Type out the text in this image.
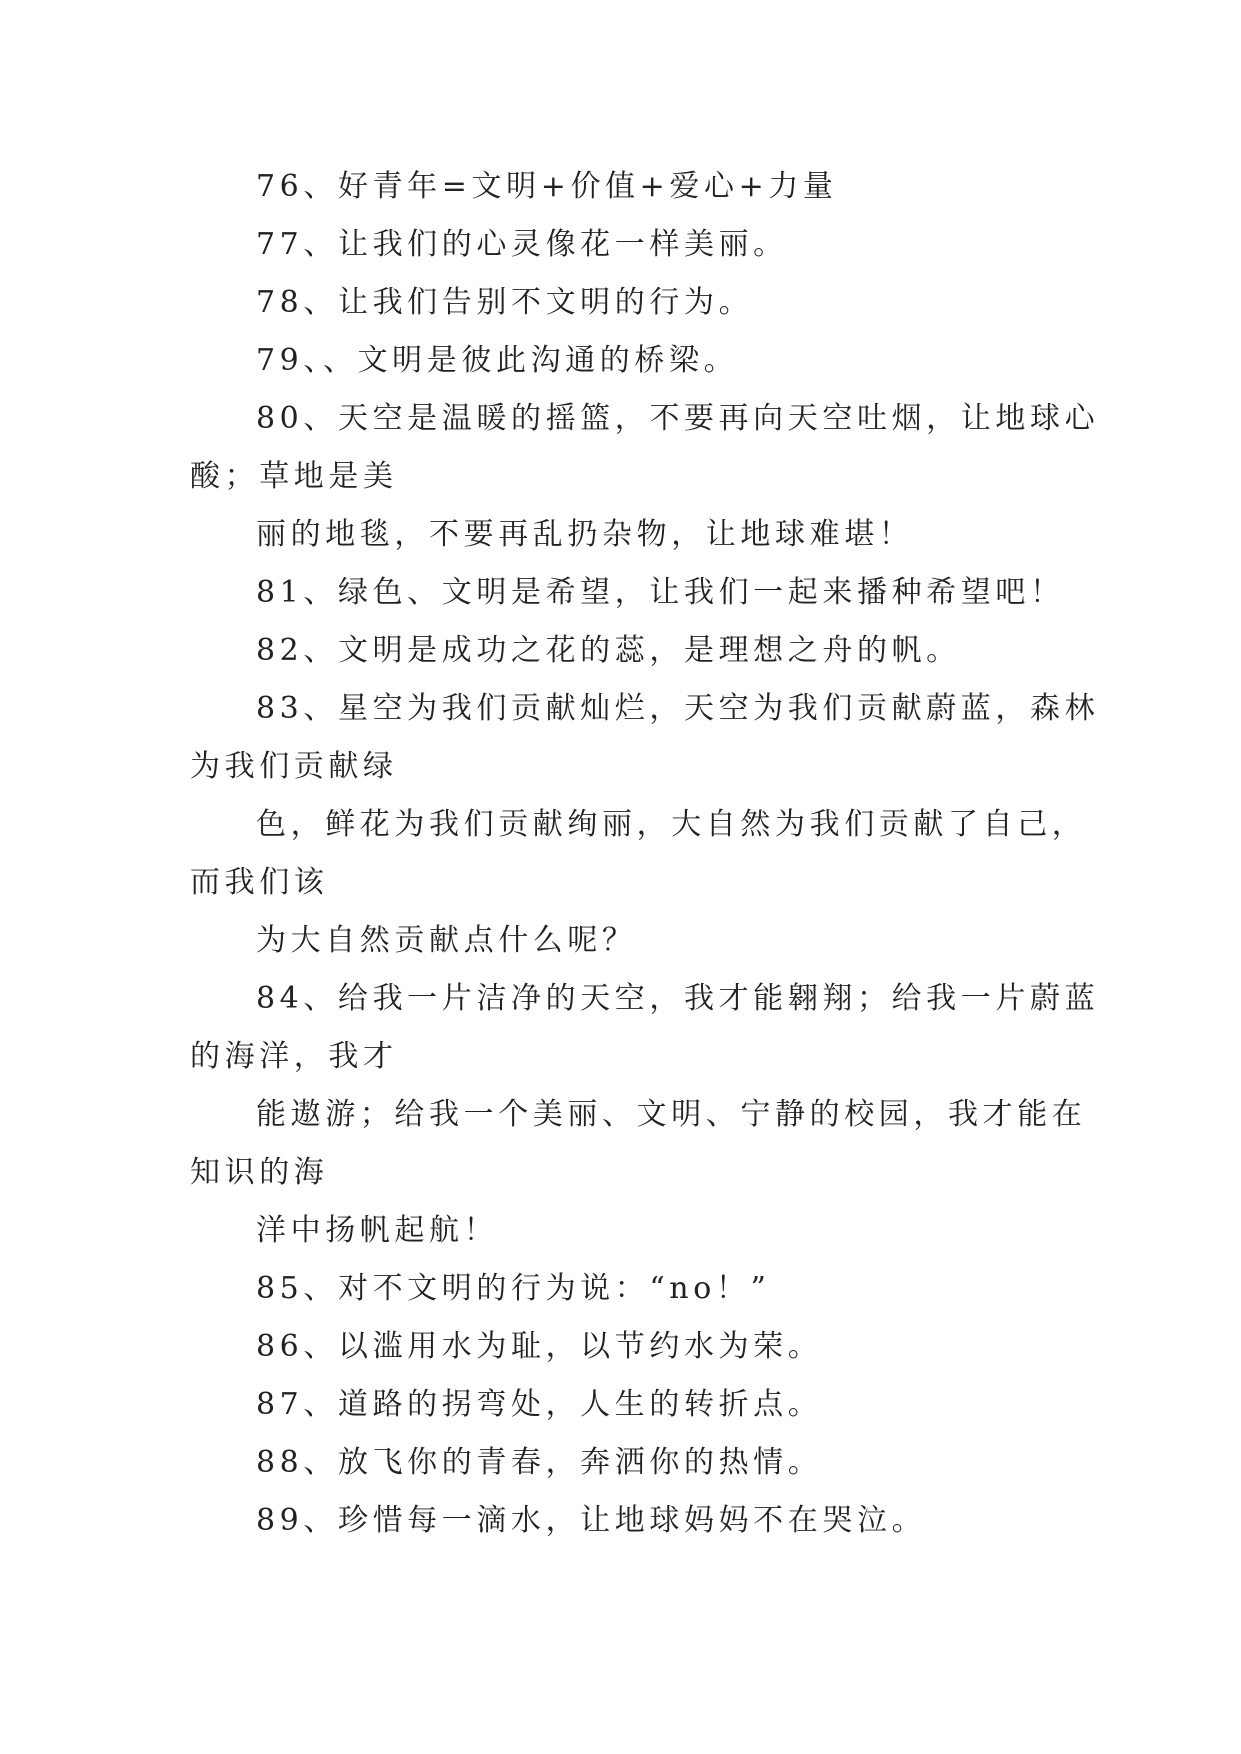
76、好青年=文明+价值+爱心+力量
77、让我们的心灵像花一样美丽。
78、让我们告别不文明的行为。
79、、文明是彼此沟通的桥梁。
80、天空是温暖的摇篮，不要再向天空吐烟，让地球心
酸；草地是美
丽的地毯，不要再乱扔杂物，让地球难堪！
81、绿色、文明是希望，让我们一起来播种希望吧！
82、文明是成功之花的蕊，是理想之舟的帆。
83、星空为我们贡献灿烂，天空为我们贡献蔚蓝，森林
为我们贡献绿
色，鲜花为我们贡献绚丽，大自然为我们贡献了自己，
而我们该
为大自然贡献点什么呢？
84、给我一片洁净的天空，我才能翱翔；给我一片蔚蓝
的海洋，我才
能遨游；给我一个美丽、文明、宁静的校园，我才能在
知识的海
洋中扬帆起航！
85、对不文明的行为说：“no！”
86、以滥用水为耻，以节约水为荣。
87、道路的拐弯处，人生的转折点。
88、放飞你的青春，奔洒你的热情。
89、珍惜每一滴水，让地球妈妈不在哭泣。
